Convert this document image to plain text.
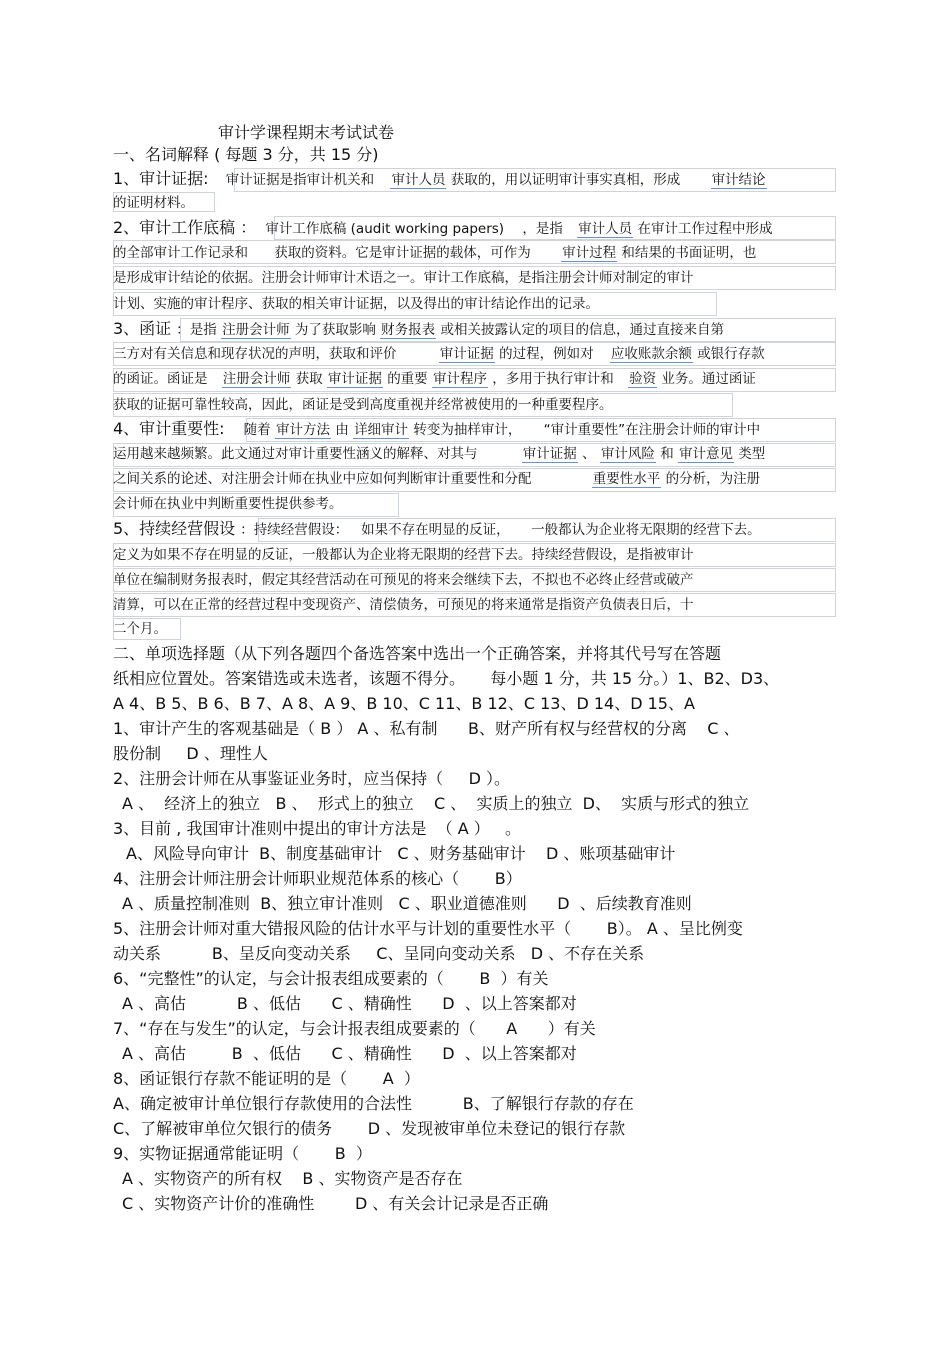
审计学课程期末考试试卷
一、名词解释 ( 每题 3 分，共 15 分)
1、审计证据: 审计证据是指审计机关和 审计人员 获取的，用以证明审计事实真相，形成 审计结论
的证明材料。
2、审计工作底稿 ： 审计工作底稿 (audit working papers) ，是指 审计人员 在审计工作过程中形成
的全部审计工作记录和 获取的资料。它是审计证据的载体，可作为 审计过程 和结果的书面证明，也
是形成审计结论的依据。注册会计师审计术语之一。审计工作底稿，是指注册会计师对制定的审计
计划、实施的审计程序、获取的相关审计证据，以及得出的审计结论作出的记录。
3、函证 ：是指 注册会计师 为了获取影响 财务报表 或相关披露认定的项目的信息，通过直接来自第
三方对有关信息和现存状况的声明，获取和评价	审计证据 的过程，例如对 应收账款余额 或银行存款
的函证。函证是 注册会计师 获取 审计证据 的重要 审计程序 ，多用于执行审计和 验资 业务。通过函证
获取的证据可靠性较高，因此，函证是受到高度重视并经常被使用的一种重要程序。
4、审计重要性: 随着 审计方法 由 详细审计 转变为抽样审计， “审计重要性”在注册会计师的审计中
运用越来越频繁。此文通过对审计重要性涵义的解释、对其与	审计证据 、 审计风险 和 审计意见 类型
之间关系的论述、对注册会计师在执业中应如何判断审计重要性和分配	重要性水平 的分析，为注册
会计师在执业中判断重要性提供参考。
5、持续经营假设 ：持续经营假设：   如果不存在明显的反证，     一般都认为企业将无限期的经营下去。
定义为如果不存在明显的反证，一般都认为企业将无限期的经营下去。持续经营假设，是指被审计
单位在编制财务报表时，假定其经营活动在可预见的将来会继续下去，不拟也不必终止经营或破产
清算，可以在正常的经营过程中变现资产、清偿债务，可预见的将来通常是指资产负债表日后，十
二个月。
二、单项选择题（从下列各题四个备选答案中选出一个正确答案，并将其代号写在答题
纸相应位置处。答案错选或未选者，该题不得分。     每小题 1 分，共 15 分。）1、B2、D3、
A 4、B 5、B 6、B 7、A 8、A 9、B 10、C 11、B 12、C 13、D 14、D 15、A
1、审计产生的客观基础是（ B ） A 、私有制      B、财产所有权与经营权的分离    C 、
股份制     D 、理性人
2、注册会计师在从事鉴证业务时，应当保持（     D ）。
A 、  经济上的独立   B 、  形式上的独立    C 、  实质上的独立  D、  实质与形式的独立
3、目前 , 我国审计准则中提出的审计方法是  （ A ）   。
A、风险导向审计  B、制度基础审计   C 、财务基础审计    D 、账项基础审计
4、注册会计师注册会计师职业规范体系的核心（       B）
A 、质量控制准则  B、独立审计准则   C 、职业道德准则      D  、后续教育准则
5、注册会计师对重大错报风险的估计水平与计划的重要性水平（       B）。 A 、呈比例变
动关系          B、呈反向变动关系     C、呈同向变动关系   D 、不存在关系
6、“完整性”的认定，与会计报表组成要素的（       B  ）有关
A 、高估          B 、低估      C 、精确性      D  、以上答案都对
7、“存在与发生”的认定，与会计报表组成要素的（      A      ）有关
A 、高估         B  、低估      C 、精确性      D  、以上答案都对
8、函证银行存款不能证明的是（       A  ）
A、确定被审计单位银行存款使用的合法性          B、了解银行存款的存在
C、了解被审单位欠银行的债务       D 、发现被审单位未登记的银行存款
9、实物证据通常能证明（       B  ）
A 、实物资产的所有权    B 、实物资产是否存在
C 、实物资产计价的准确性        D 、有关会计记录是否正确
